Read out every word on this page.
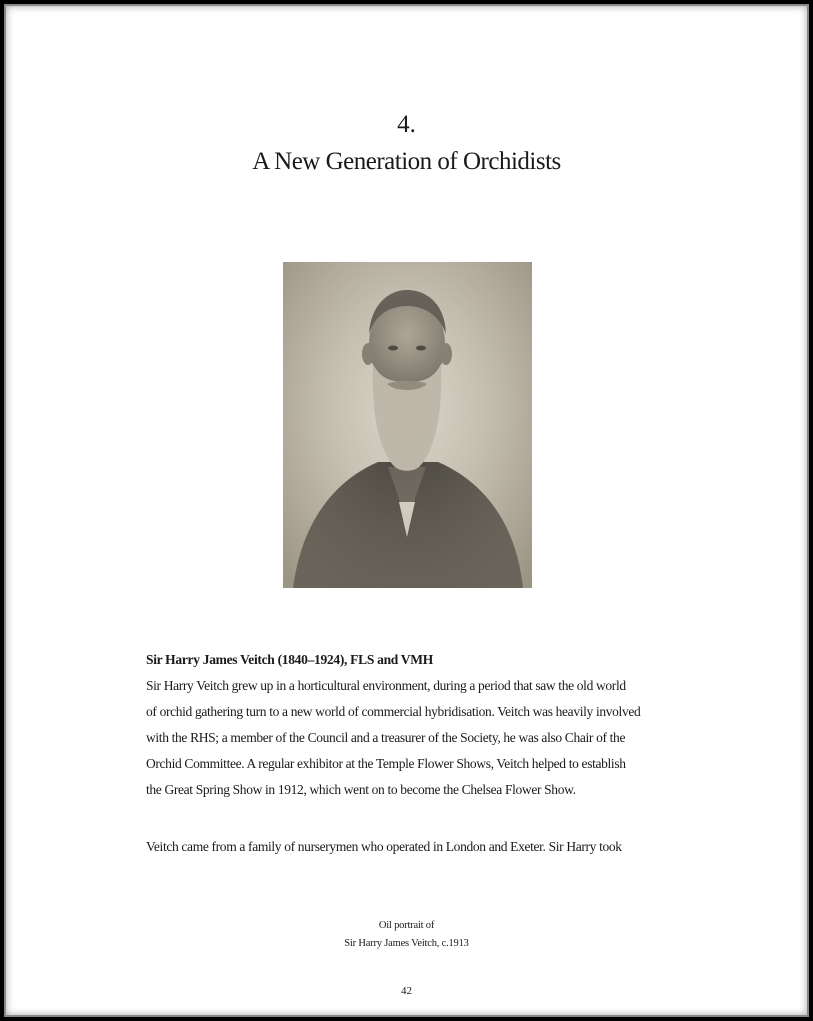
4.
A New Generation of Orchidists
Sir Harry James Veitch (1840–1924), FLS and VMH
Sir Harry Veitch grew up in a horticultural environment, during a period that saw the old world
of orchid gathering turn to a new world of commercial hybridisation. Veitch was heavily involved
with the RHS; a member of the Council and a treasurer of the Society, he was also Chair of the
Orchid Committee. A regular exhibitor at the Temple Flower Shows, Veitch helped to establish
the Great Spring Show in 1912, which went on to become the Chelsea Flower Show.
Veitch came from a family of nurserymen who operated in London and Exeter. Sir Harry took
Oil portrait of
Sir Harry James Veitch, c.1913
42
